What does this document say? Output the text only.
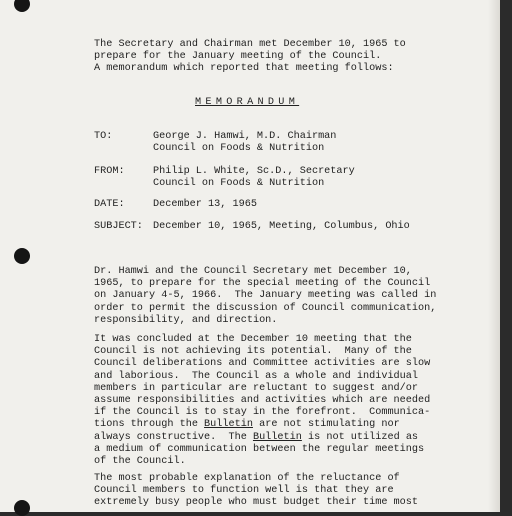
The Secretary and Chairman met December 10, 1965 to
prepare for the January meeting of the Council.
A memorandum which reported that meeting follows:
MEMORANDUM
TO:	George J. Hamwi, M.D. Chairman
Council on Foods & Nutrition
FROM:	Philip L. White, Sc.D., Secretary
Council on Foods & Nutrition
DATE:	December 13, 1965
SUBJECT: December 10, 1965, Meeting, Columbus, Ohio
Dr. Hamwi and the Council Secretary met December 10,
1965, to prepare for the special meeting of the Council
on January 4-5, 1966.  The January meeting was called in
order to permit the discussion of Council communication,
responsibility, and direction.
It was concluded at the December 10 meeting that the
Council is not achieving its potential.  Many of the
Council deliberations and Committee activities are slow
and laborious.  The Council as a whole and individual
members in particular are reluctant to suggest and/or
assume responsibilities and activities which are needed
if the Council is to stay in the forefront.  Communica-
tions through the Bulletin are not stimulating nor
always constructive.  The Bulletin is not utilized as
a medium of communication between the regular meetings
of the Council.
The most probable explanation of the reluctance of
Council members to function well is that they are
extremely busy people who must budget their time most
